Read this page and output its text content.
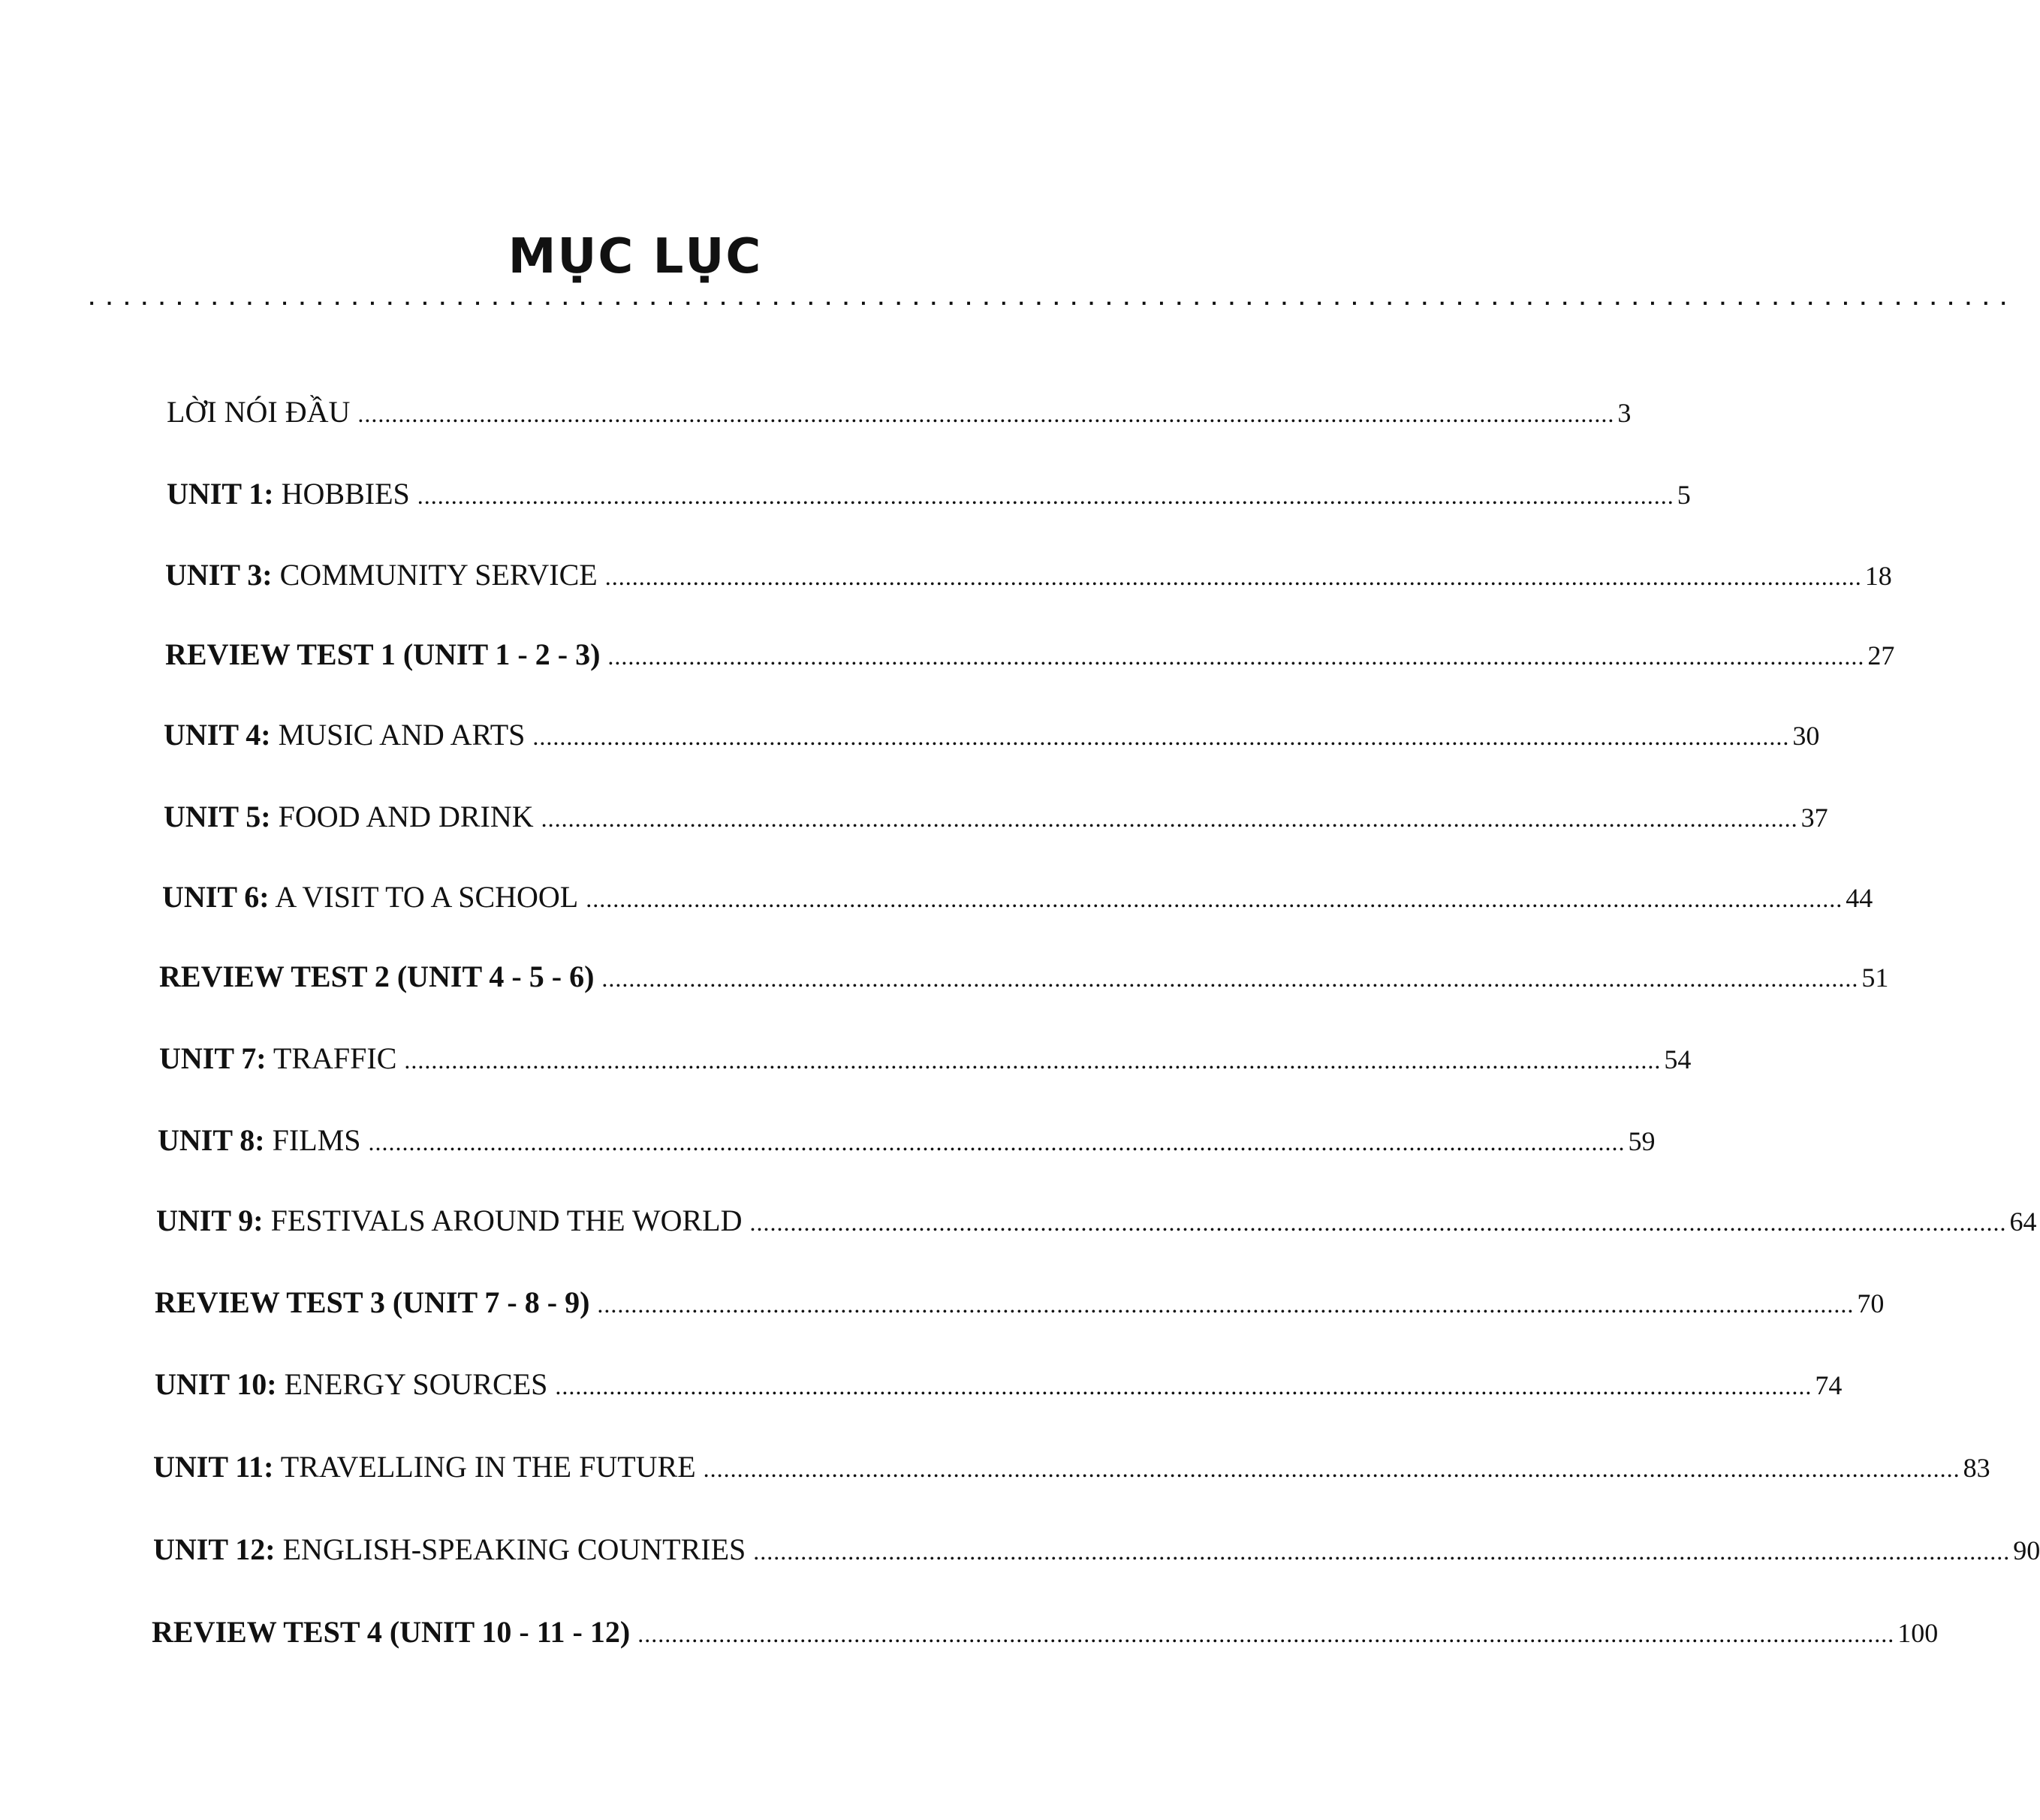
MỤC LỤC
..............................................................................................................
LỜI NÓI ĐẦU .....	3
UNIT 1: HOBBIES .....	5
UNIT 3: COMMUNITY SERVICE .....	18
REVIEW TEST 1 (UNIT 1 - 2 - 3) .....	27
UNIT 4: MUSIC AND ARTS .....	30
UNIT 5: FOOD AND DRINK .....	37
UNIT 6: A VISIT TO A SCHOOL .....	44
REVIEW TEST 2 (UNIT 4 - 5 - 6) .....	51
UNIT 7: TRAFFIC .....	54
UNIT 8: FILMS .....	59
UNIT 9: FESTIVALS AROUND THE WORLD .....	64
REVIEW TEST 3 (UNIT 7 - 8 - 9) .....	70
UNIT 10: ENERGY SOURCES .....	74
UNIT 11: TRAVELLING IN THE FUTURE .....	83
UNIT 12: ENGLISH-SPEAKING COUNTRIES .....	90
REVIEW TEST 4 (UNIT 10 - 11 - 12) .....	100
